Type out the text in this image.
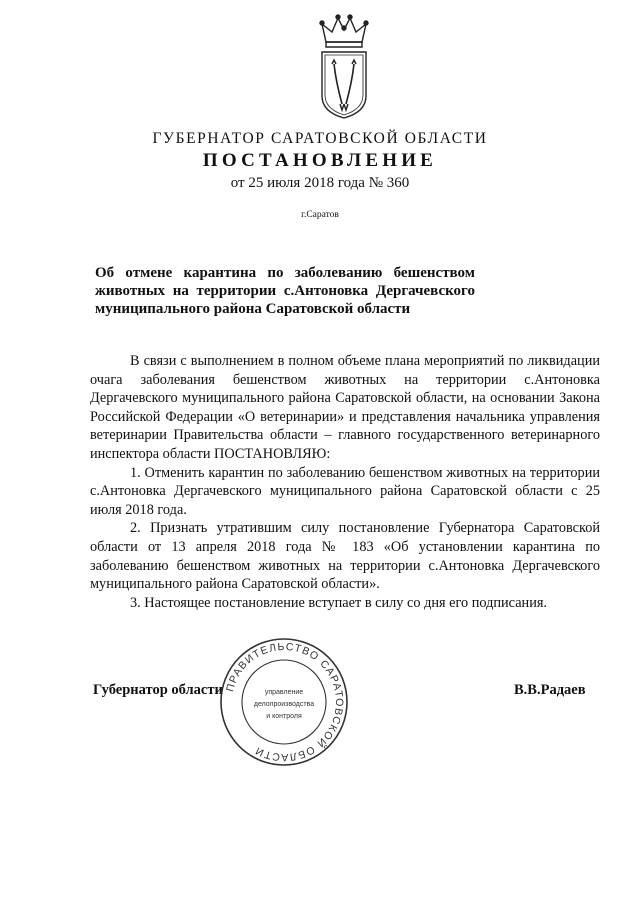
ГУБЕРНАТОР САРАТОВСКОЙ ОБЛАСТИ
ПОСТАНОВЛЕНИЕ
от 25 июля 2018 года № 360
г.Саратов
Об отмене карантина по заболеванию бешенством животных на территории с.Антоновка Дергачевского муниципального района Саратовской области

В связи с выполнением в полном объеме плана мероприятий по ликвидации очага заболевания бешенством животных на территории с.Антоновка Дергачевского муниципального района Саратовской области, на основании Закона Российской Федерации «О ветеринарии» и представления начальника управления ветеринарии Правительства области – главного государственного ветеринарного инспектора области ПОСТАНОВЛЯЮ:

1. Отменить карантин по заболеванию бешенством животных на территории с.Антоновка Дергачевского муниципального района Саратовской области с 25 июля 2018 года.

2. Признать утратившим силу постановление Губернатора Саратовской области от 13 апреля 2018 года № 183 «Об установлении карантина по заболеванию бешенством животных на территории с.Антоновка Дергачевского муниципального района Саратовской области».

3. Настоящее постановление вступает в силу со дня его подписания.

Губернатор области	В.В.Радаев
ПРАВИТЕЛЬСТВО САРАТОВСКОЙ ОБЛАСТИ
управление
делопроизводства
и контроля
